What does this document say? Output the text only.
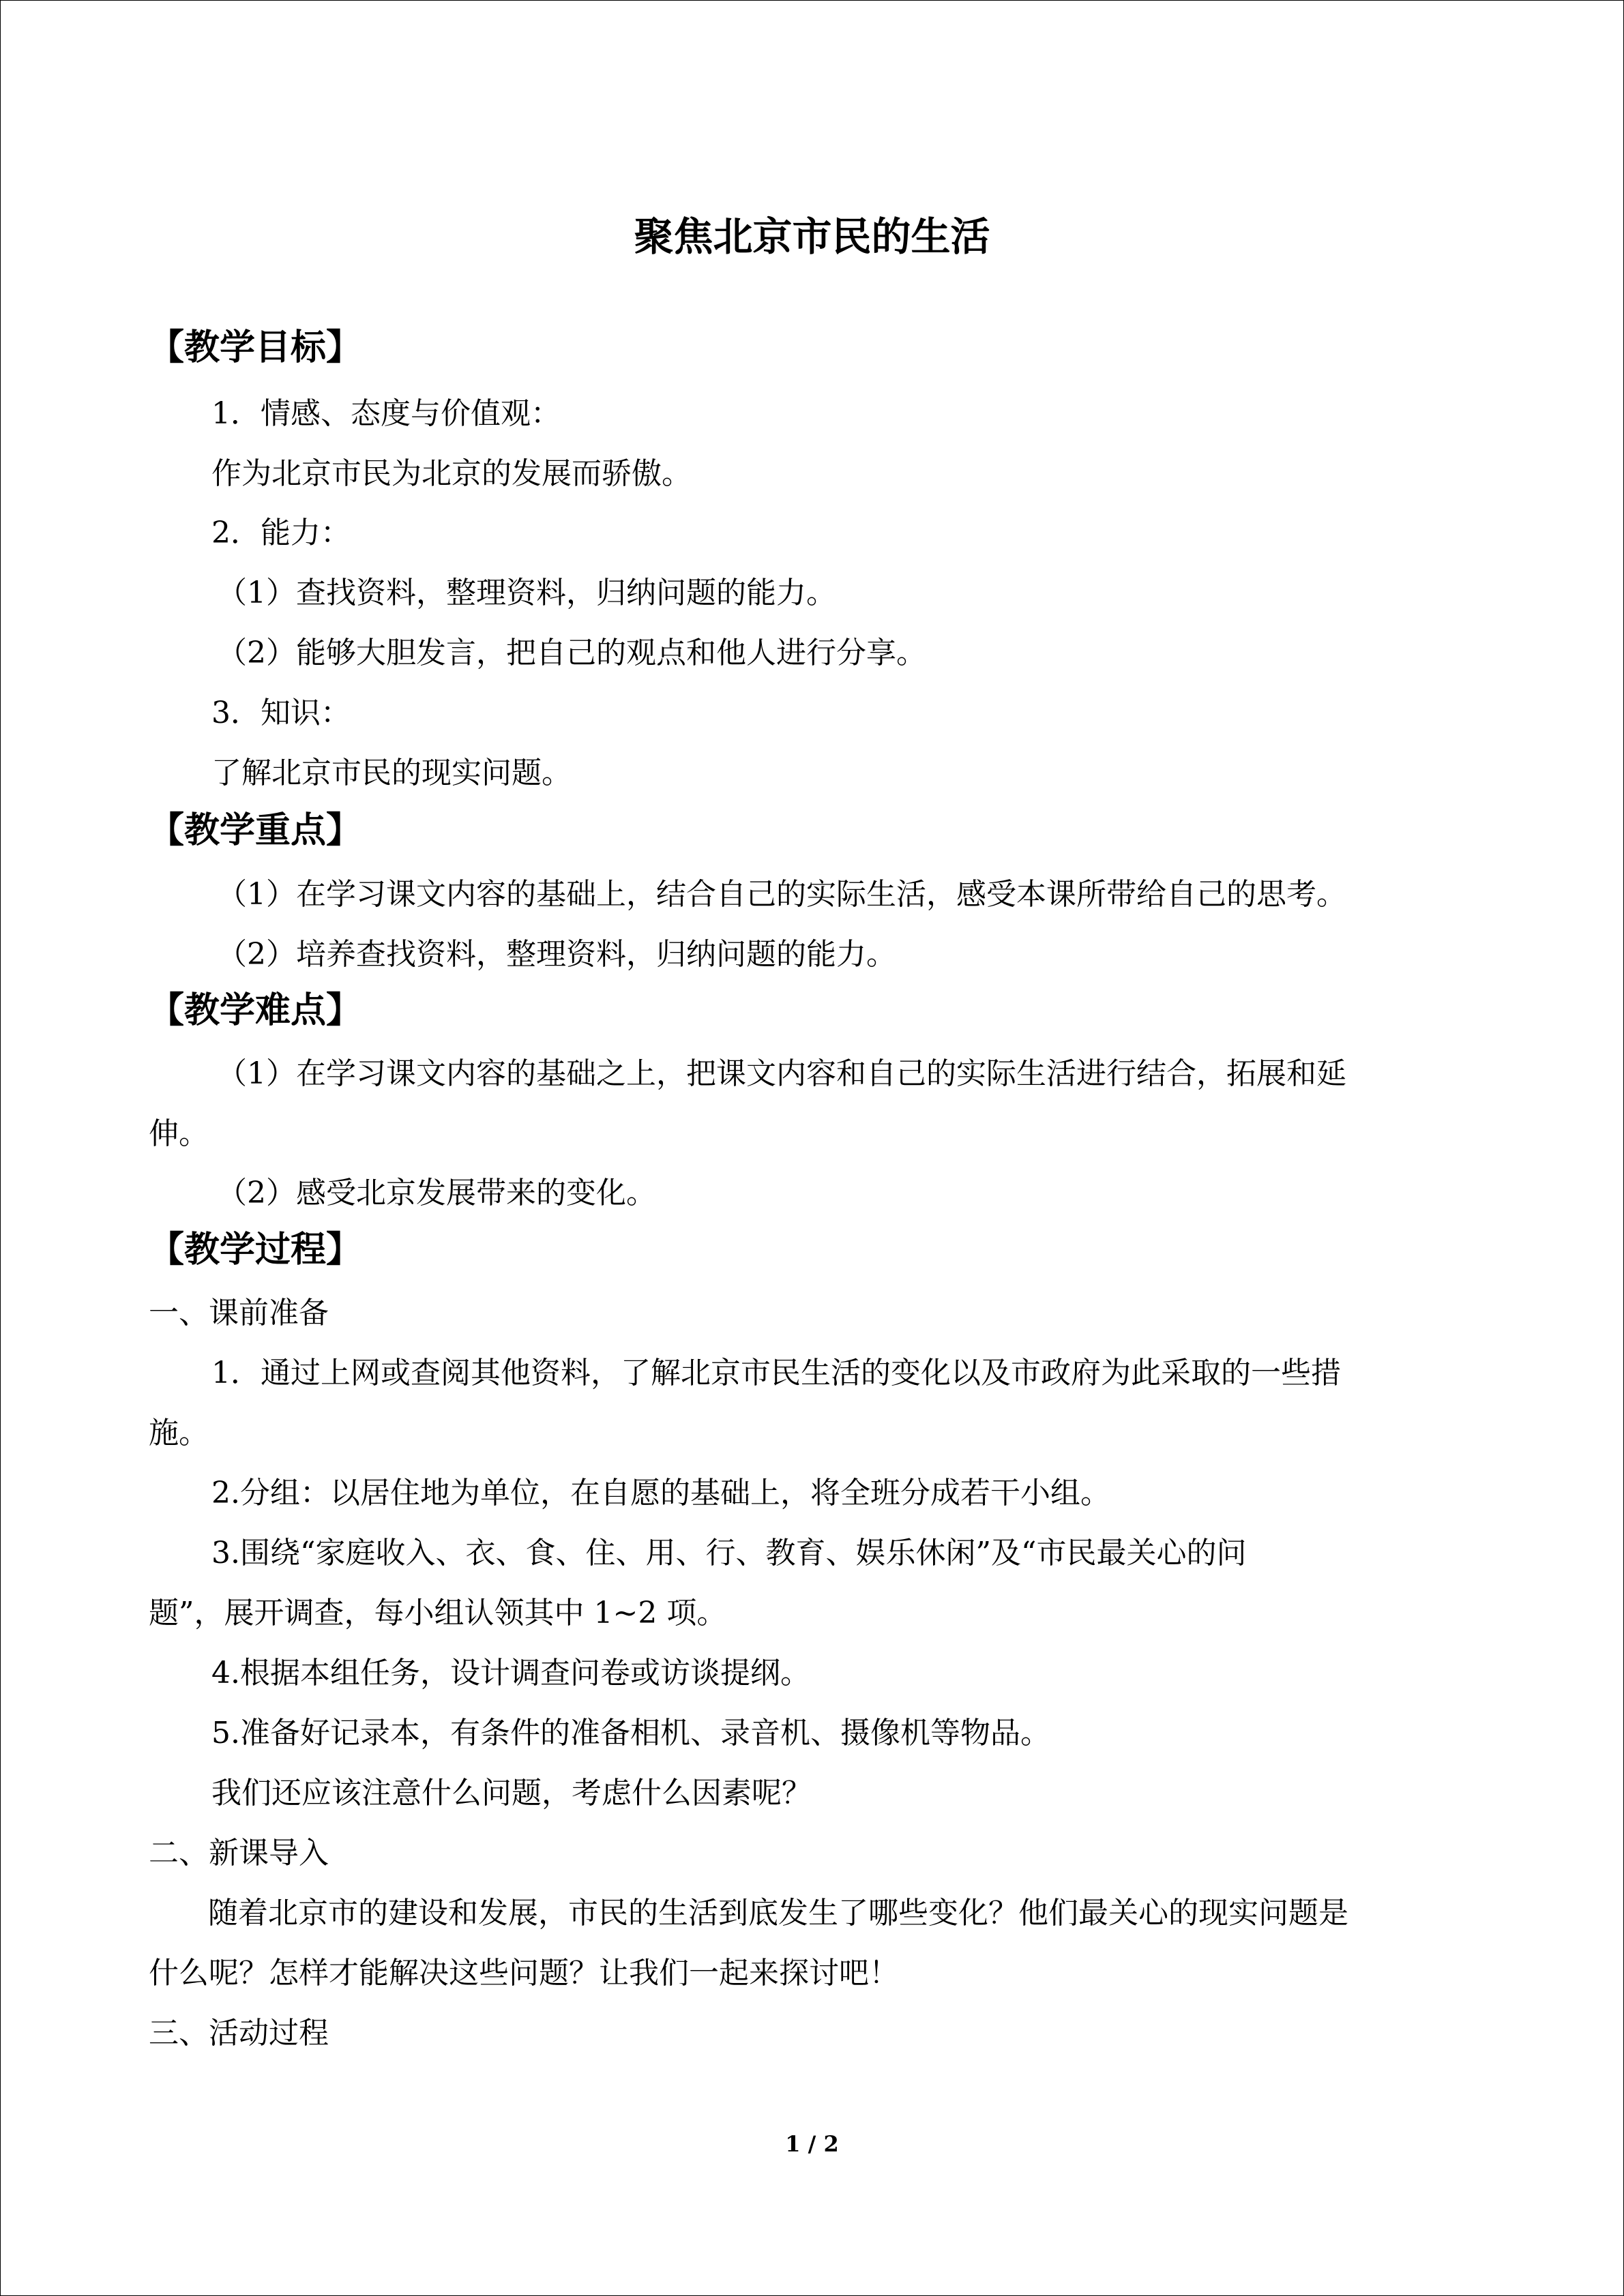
聚焦北京市民的生活
【教学目标】
1．情感、态度与价值观：
作为北京市民为北京的发展而骄傲。
2．能力：
（1）查找资料，整理资料，归纳问题的能力。
（2）能够大胆发言，把自己的观点和他人进行分享。
3．知识：
了解北京市民的现实问题。
【教学重点】
（1）在学习课文内容的基础上，结合自己的实际生活，感受本课所带给自己的思考。
（2）培养查找资料，整理资料，归纳问题的能力。
【教学难点】
（1）在学习课文内容的基础之上，把课文内容和自己的实际生活进行结合，拓展和延
伸。
（2）感受北京发展带来的变化。
【教学过程】
一、课前准备
1．通过上网或查阅其他资料，了解北京市民生活的变化以及市政府为此采取的一些措
施。
2.分组：以居住地为单位，在自愿的基础上，将全班分成若干小组。
3.围绕“家庭收入、衣、食、住、用、行、教育、娱乐休闲”及“市民最关心的问
题”，展开调查，每小组认领其中 1~2 项。
4.根据本组任务，设计调查问卷或访谈提纲。
5.准备好记录本，有条件的准备相机、录音机、摄像机等物品。
我们还应该注意什么问题，考虑什么因素呢？
二、新课导入
随着北京市的建设和发展，市民的生活到底发生了哪些变化？他们最关心的现实问题是
什么呢？怎样才能解决这些问题？让我们一起来探讨吧！
三、活动过程
1 / 2
